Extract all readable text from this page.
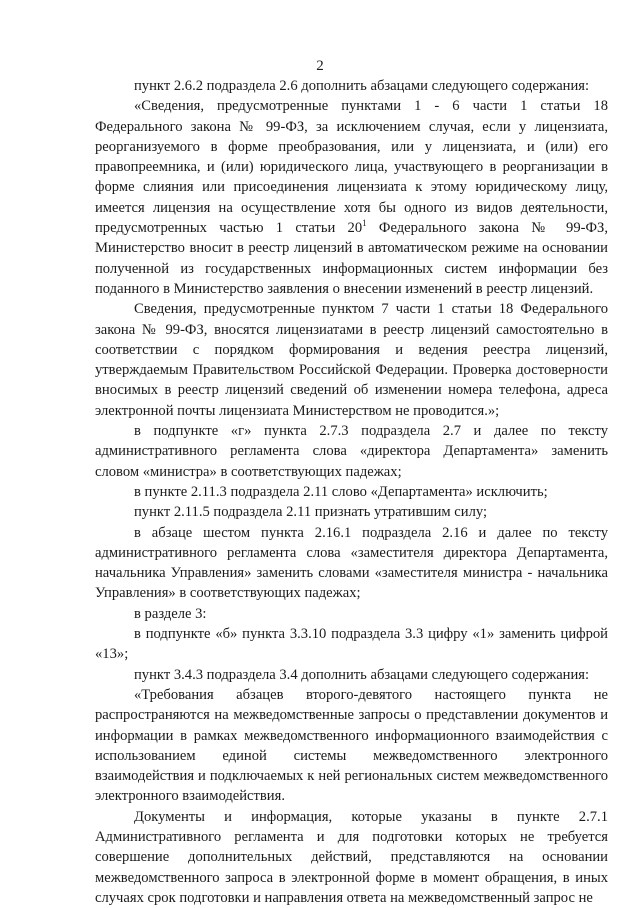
2

пункт 2.6.2 подраздела 2.6 дополнить абзацами следующего содержания:

«Сведения, предусмотренные пунктами 1 - 6 части 1 статьи 18 Федерального закона № 99-ФЗ, за исключением случая, если у лицензиата, реорганизуемого в форме преобразования, или у лицензиата, и (или) его правопреемника, и (или) юридического лица, участвующего в реорганизации в форме слияния или присоединения лицензиата к этому юридическому лицу, имеется лицензия на осуществление хотя бы одного из видов деятельности, предусмотренных частью 1 статьи $20^1$ Федерального закона № 99-ФЗ, Министерство вносит в реестр лицензий в автоматическом режиме на основании полученной из государственных информационных систем информации без поданного в Министерство заявления о внесении изменений в реестр лицензий.

Сведения, предусмотренные пунктом 7 части 1 статьи 18 Федерального закона № 99-ФЗ, вносятся лицензиатами в реестр лицензий самостоятельно в соответствии с порядком формирования и ведения реестра лицензий, утверждаемым Правительством Российской Федерации. Проверка достоверности вносимых в реестр лицензий сведений об изменении номера телефона, адреса электронной почты лицензиата Министерством не проводится.»;

в подпункте «г» пункта 2.7.3 подраздела 2.7 и далее по тексту административного регламента слова «директора Департамента» заменить словом «министра» в соответствующих падежах;

в пункте 2.11.3 подраздела 2.11 слово «Департамента» исключить;

пункт 2.11.5 подраздела 2.11 признать утратившим силу;

в абзаце шестом пункта 2.16.1 подраздела 2.16 и далее по тексту административного регламента слова «заместителя директора Департамента, начальника Управления» заменить словами «заместителя министра - начальника Управления» в соответствующих падежах;

в разделе 3:

в подпункте «б» пункта 3.3.10 подраздела 3.3 цифру «1» заменить цифрой «13»;

пункт 3.4.3 подраздела 3.4 дополнить абзацами следующего содержания:

«Требования абзацев второго-девятого настоящего пункта не распространяются на межведомственные запросы о представлении документов и информации в рамках межведомственного информационного взаимодействия с использованием единой системы межведомственного электронного взаимодействия и подключаемых к ней региональных систем межведомственного электронного взаимодействия.

Документы и информация, которые указаны в пункте 2.7.1 Административного регламента и для подготовки которых не требуется совершение дополнительных действий, представляются на основании межведомственного запроса в электронной форме в момент обращения, в иных случаях срок подготовки и направления ответа на межведомственный запрос не
